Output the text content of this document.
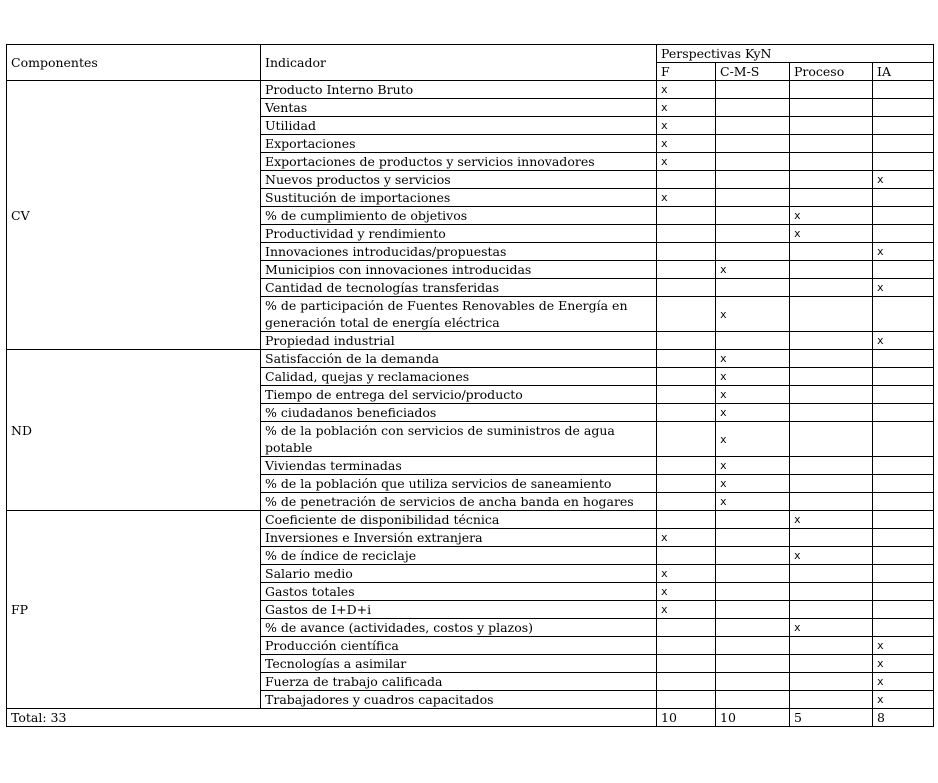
Componentes	Indicador	Perspectivas KyN			
		F	C-M-S	Proceso	IA
CV	Producto Interno Bruto	x			
	Ventas	x			
	Utilidad	x			
	Exportaciones	x			
	Exportaciones de productos y servicios innovadores	x			
	Nuevos productos y servicios				x
	Sustitución de importaciones	x			
	% de cumplimiento de objetivos			x	
	Productividad y rendimiento			x	
	Innovaciones introducidas/propuestas				x
	Municipios con innovaciones introducidas		x		
	Cantidad de tecnologías transferidas				x
	% de participación de Fuentes Renovables de Energía en generación total de energía eléctrica		x		
	Propiedad industrial				x
ND	Satisfacción de la demanda		x		
	Calidad, quejas y reclamaciones		x		
	Tiempo de entrega del servicio/producto		x		
	% ciudadanos beneficiados		x		
	% de la población con servicios de suministros de agua potable		x		
	Viviendas terminadas		x		
	% de la población que utiliza servicios de saneamiento		x		
	% de penetración de servicios de ancha banda en hogares		x		
FP	Coeficiente de disponibilidad técnica			x	
	Inversiones e Inversión extranjera	x			
	% de índice de reciclaje			x	
	Salario medio	x			
	Gastos totales	x			
	Gastos de I+D+i	x			
	% de avance (actividades, costos y plazos)			x	
	Producción científica				x
	Tecnologías a asimilar				x
	Fuerza de trabajo calificada				x
	Trabajadores y cuadros capacitados				x
Total: 33		10	10	5	8
